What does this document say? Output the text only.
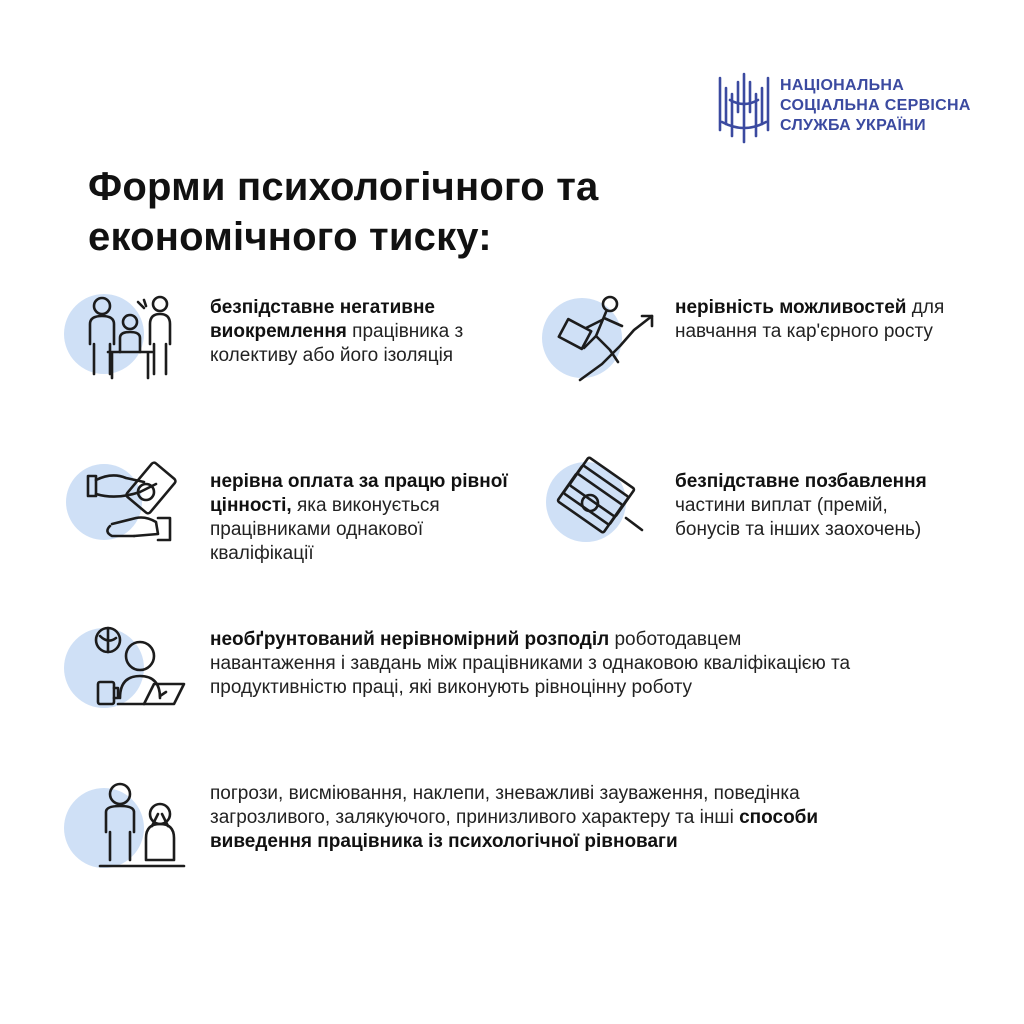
НАЦІОНАЛЬНА
СОЦІАЛЬНА СЕРВІСНА
СЛУЖБА УКРАЇНИ
Форми психологічного та
економічного тиску:
безпідставне негативне виокремлення працівника з колективу або його ізоляція
нерівність можливостей для навчання та кар'єрного росту
нерівна оплата за працю рівної цінності, яка виконується працівниками однакової кваліфікації
безпідставне позбавлення частини виплат (премій, бонусів та інших заохочень)
необґрунтований нерівномірний розподіл роботодавцем навантаження і завдань між працівниками з однаковою кваліфікацією та продуктивністю праці, які виконують рівноцінну роботу
погрози, висміювання, наклепи, зневажливі зауваження, поведінка загрозливого, залякуючого, принизливого характеру та інші способи виведення працівника із психологічної рівноваги
